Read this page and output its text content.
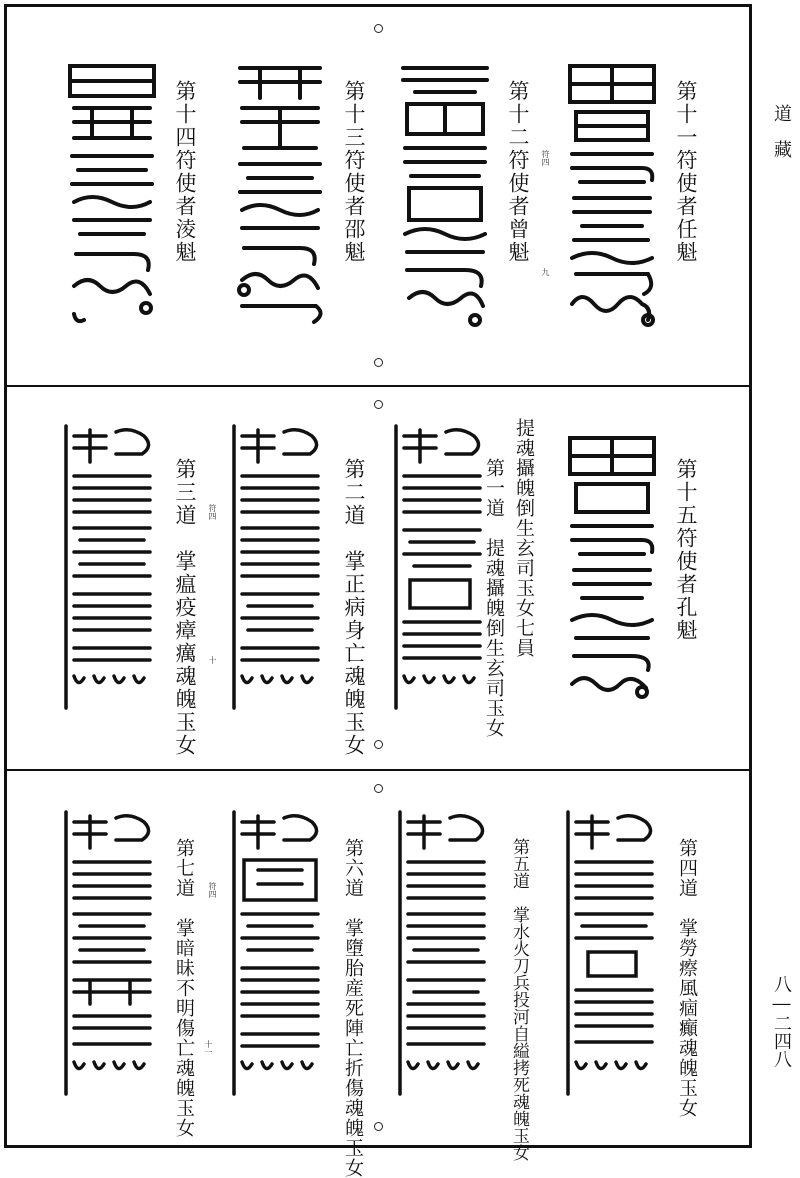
道　藏
八―二四八
第十一符使者任魁
第十二符使者曾魁
第十三符使者邵魁
第十四符使者淩魁	符四
九
第十五符使者孔魁
提魂攝魄倒生玄司玉女七員
第一道　提魂攝魄倒生玄司玉女
第二道　掌正病身亡魂魄玉女
第三道　掌瘟疫瘴癘魂魄玉女 符四
十
第四道　掌勞瘵風痼癲魂魄玉女
第五道　掌水火刀兵投河自縊拷死魂魄玉女
第六道　掌墮胎産死陣亡折傷魂魄玉女
第七道　掌暗昧不明傷亡魂魄玉女 符四
十一
